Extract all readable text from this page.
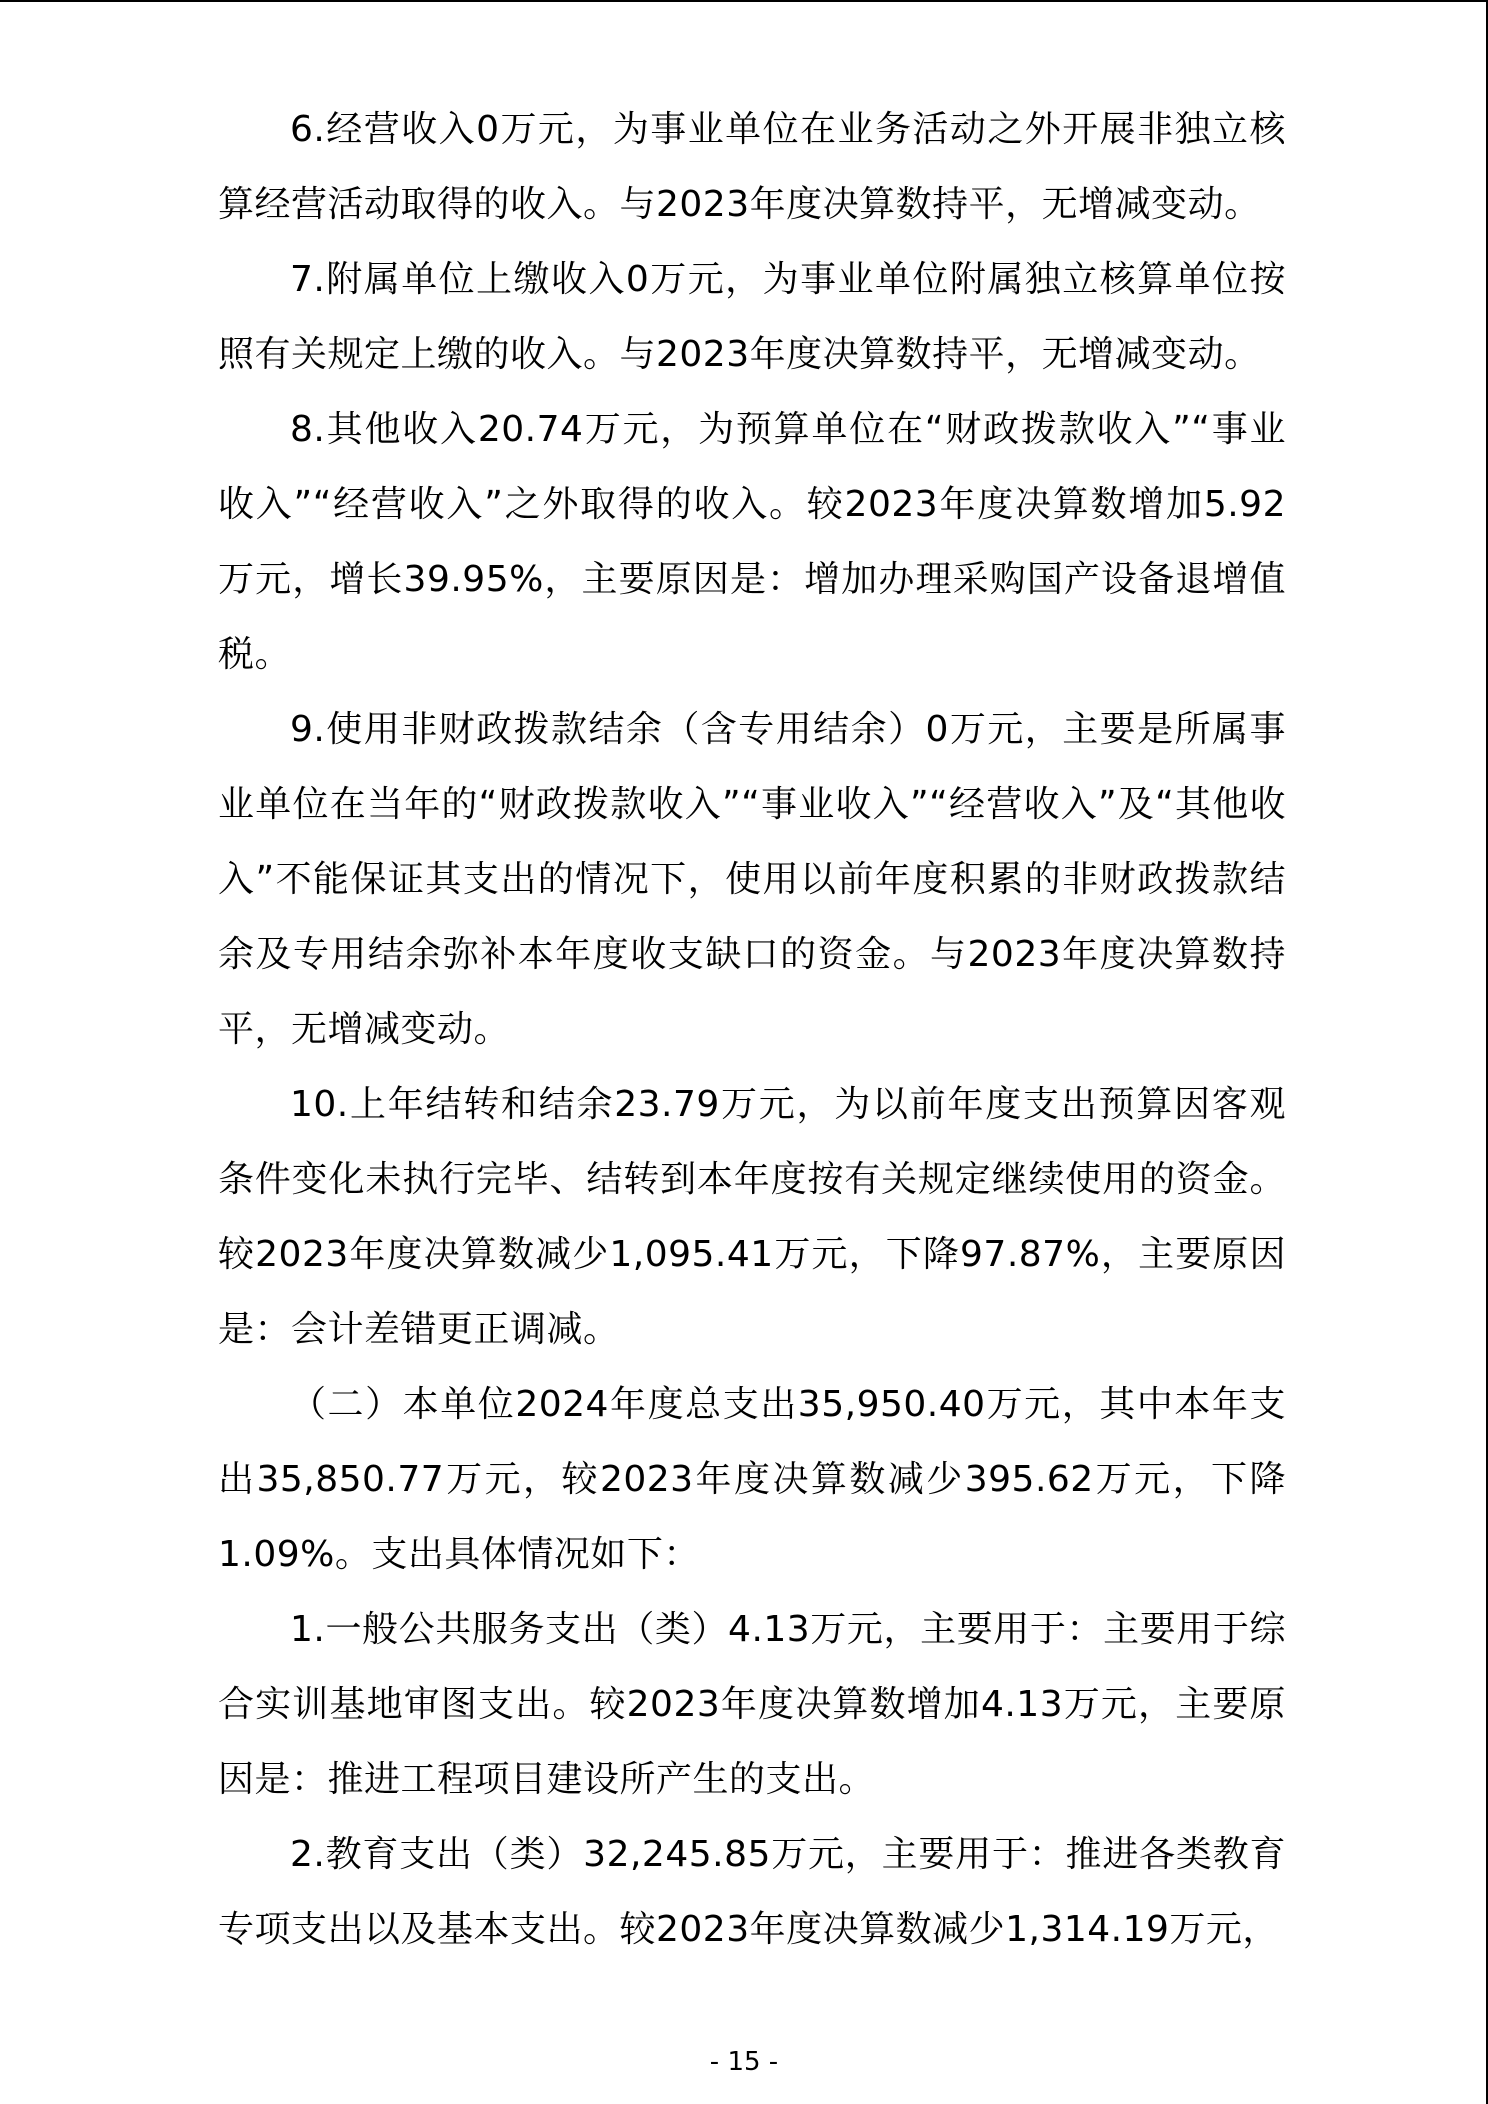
6.经营收入0万元，为事业单位在业务活动之外开展非独立核算经营活动取得的收入。与2023年度决算数持平，无增减变动。

7.附属单位上缴收入0万元，为事业单位附属独立核算单位按照有关规定上缴的收入。与2023年度决算数持平，无增减变动。

8.其他收入20.74万元，为预算单位在“财政拨款收入”“事业收入”“经营收入”之外取得的收入。较2023年度决算数增加5.92万元，增长39.95%，主要原因是：增加办理采购国产设备退增值税。

9.使用非财政拨款结余（含专用结余）0万元，主要是所属事业单位在当年的“财政拨款收入”“事业收入”“经营收入”及“其他收入”不能保证其支出的情况下，使用以前年度积累的非财政拨款结余及专用结余弥补本年度收支缺口的资金。与2023年度决算数持平，无增减变动。

10.上年结转和结余23.79万元，为以前年度支出预算因客观条件变化未执行完毕、结转到本年度按有关规定继续使用的资金。较2023年度决算数减少1,095.41万元，下降97.87%，主要原因是：会计差错更正调减。

（二）本单位2024年度总支出35,950.40万元，其中本年支出35,850.77万元，较2023年度决算数减少395.62万元，下降1.09%。支出具体情况如下：

1.一般公共服务支出（类）4.13万元，主要用于：主要用于综合实训基地审图支出。较2023年度决算数增加4.13万元，主要原因是：推进工程项目建设所产生的支出。

2.教育支出（类）32,245.85万元，主要用于：推进各类教育专项支出以及基本支出。较2023年度决算数减少1,314.19万元，

- 15 -
